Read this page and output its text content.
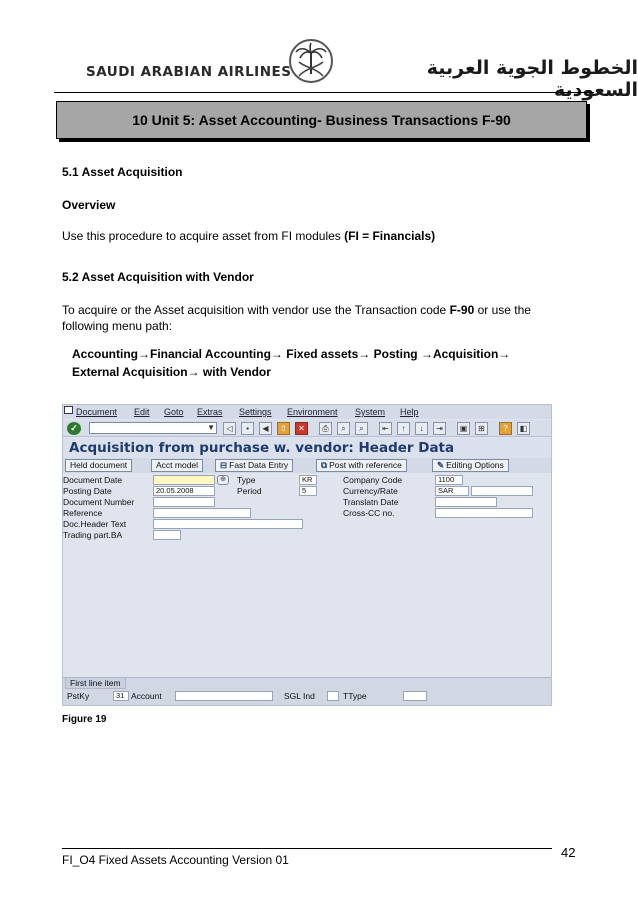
SAUDI ARABIAN AIRLINES	الخطوط الجوية العربية السعودية
10 Unit 5: Asset Accounting- Business Transactions F-90
5.1 Asset Acquisition
Overview
Use this procedure to acquire asset from FI modules (FI = Financials)
5.2 Asset Acquisition with Vendor
To acquire or the Asset acquisition with vendor use the Transaction code F-90 or use the
following menu path:
Accounting→Financial Accounting→ Fixed assets→ Posting →Acquisition→
External Acquisition→ with Vendor
Document Edit Goto Extras Settings Environment System Help
✓	▼	◁	▪	◀	⇧	✕	⎙	⌕	⌕	⇤	↑	↓	⇥	▣	⊞	?	◧
Acquisition from purchase w. vendor: Header Data
Held document	Acct model	⊟ Fast Data Entry	⧉ Post with reference	✎ Editing Options
Document Date	⊕	Type	KR	Company Code	1100
Posting Date	20.05.2008	Period	5	Currency/Rate	SAR
Document Number	Translatn Date
Reference	Cross-CC no.
Doc.Header Text
Trading part.BA
First line item
PstKy	31 Account	SGL Ind	TType
Figure 19
FI_O4 Fixed Assets Accounting Version 01	42
